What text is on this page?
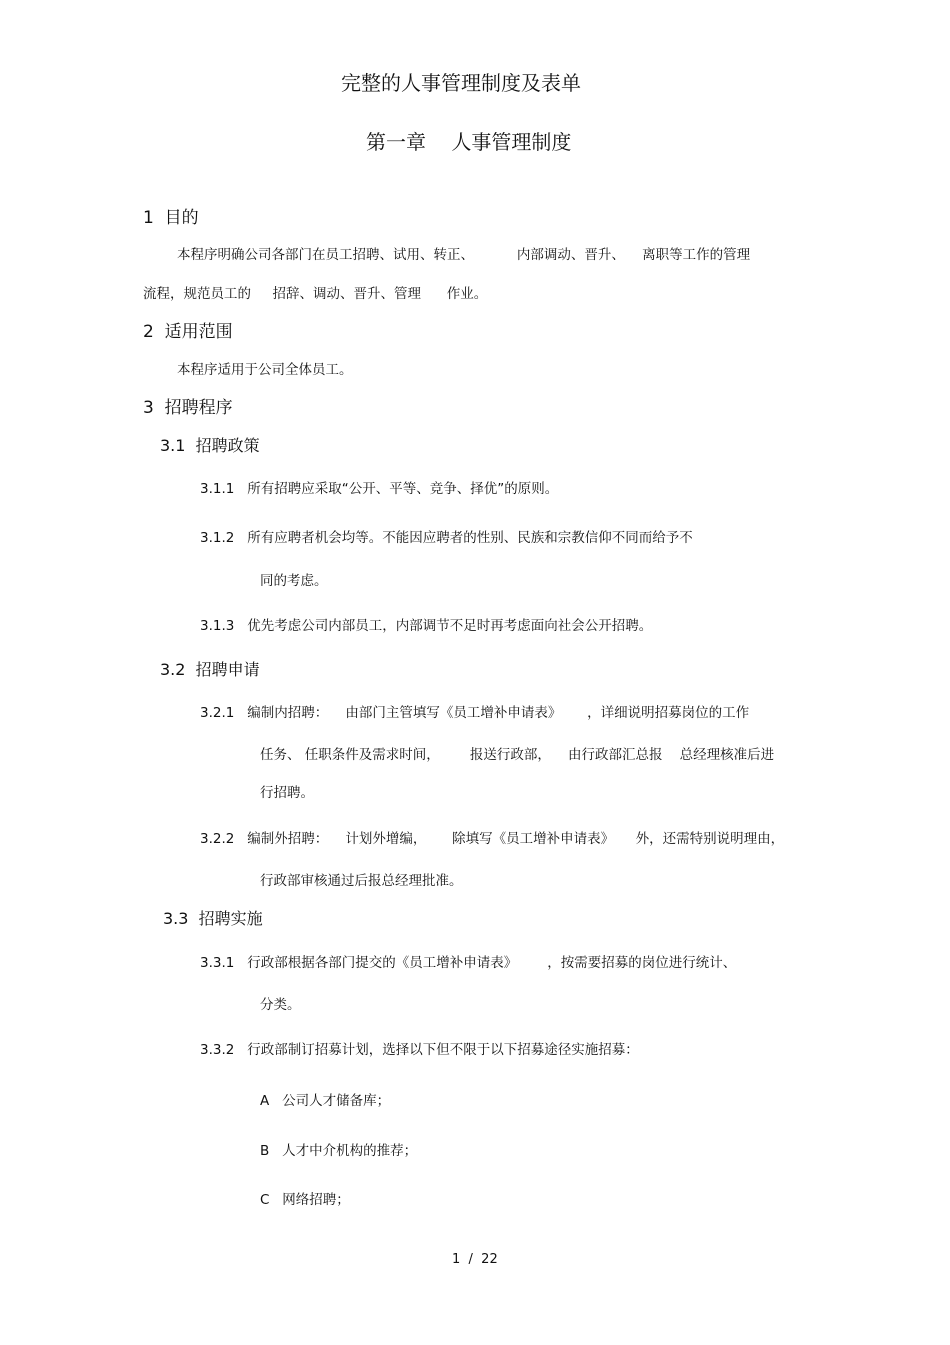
完整的人事管理制度及表单
第一章    人事管理制度
1  目的
本程序明确公司各部门在员工招聘、试用、转正、          内部调动、晋升、    离职等工作的管理
流程，规范员工的     招辞、调动、晋升、管理      作业。
2  适用范围
本程序适用于公司全体员工。
3  招聘程序
3.1  招聘政策
3.1.1   所有招聘应采取“公开、平等、竞争、择优”的原则。
3.1.2   所有应聘者机会均等。不能因应聘者的性别、民族和宗教信仰不同而给予不
同的考虑。
3.1.3   优先考虑公司内部员工，内部调节不足时再考虑面向社会公开招聘。
3.2  招聘申请
3.2.1   编制内招聘：    由部门主管填写《员工增补申请表》      ，详细说明招募岗位的工作
任务、 任职条件及需求时间，       报送行政部，    由行政部汇总报    总经理核准后进
行招聘。
3.2.2   编制外招聘：    计划外增编，      除填写《员工增补申请表》     外，还需特别说明理由，
行政部审核通过后报总经理批准。
3.3  招聘实施
3.3.1   行政部根据各部门提交的《员工增补申请表》       ，按需要招募的岗位进行统计、
分类。
3.3.2   行政部制订招募计划，选择以下但不限于以下招募途径实施招募：
A   公司人才储备库；
B   人才中介机构的推荐；
C   网络招聘；
1  /  22
